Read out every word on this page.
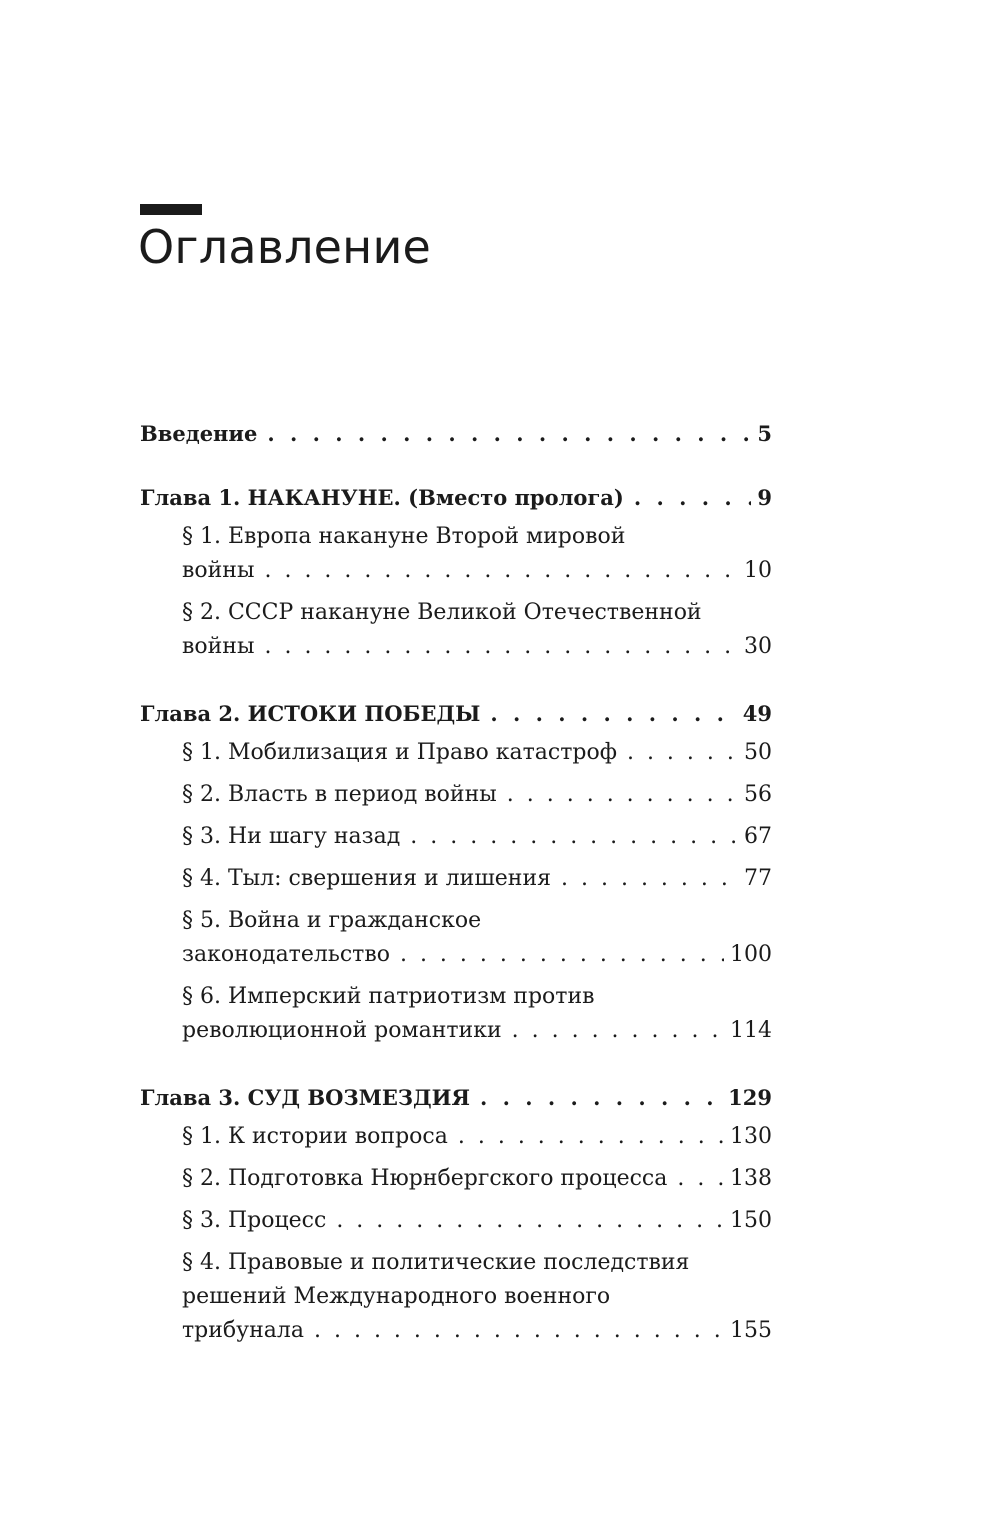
Оглавление
Введение . . .	5
Глава 1. НАКАНУНЕ. (Вместо пролога) . . .	9
§ 1. Европа накануне Второй мировой
войны . . .	10
§ 2. СССР накануне Великой Отечественной
войны . . .	30
Глава 2. ИСТОКИ ПОБЕДЫ . . .	49
§ 1. Мобилизация и Право катастроф . . .	50
§ 2. Власть в период войны . . .	56
§ 3. Ни шагу назад . . .	67
§ 4. Тыл: свершения и лишения . . .	77
§ 5. Война и гражданское
законодательство . . .	100
§ 6. Имперский патриотизм против
революционной романтики . . .	114
Глава 3. СУД ВОЗМЕЗДИЯ . . .	129
§ 1. К истории вопроса . . .	130
§ 2. Подготовка Нюрнбергского процесса . . .	138
§ 3. Процесс . . .	150
§ 4. Правовые и политические последствия
решений Международного военного
трибунала . . .	155
